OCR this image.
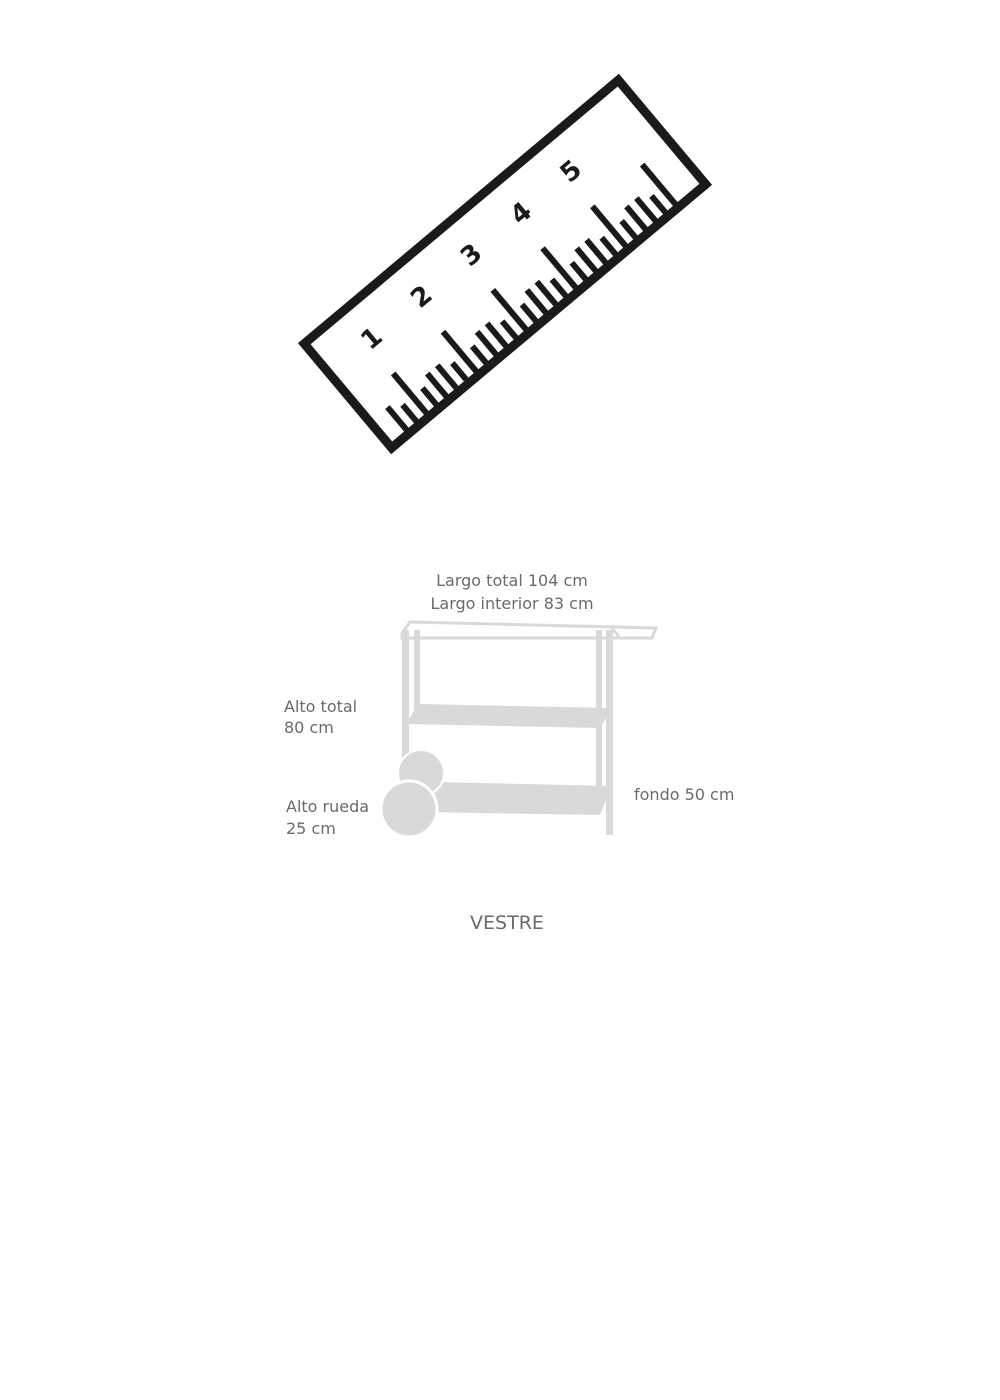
1
2
3
4
5
Largo total 104 cm
Largo interior 83 cm
Alto total
80 cm
Alto rueda
25 cm
fondo 50 cm
VESTRE
